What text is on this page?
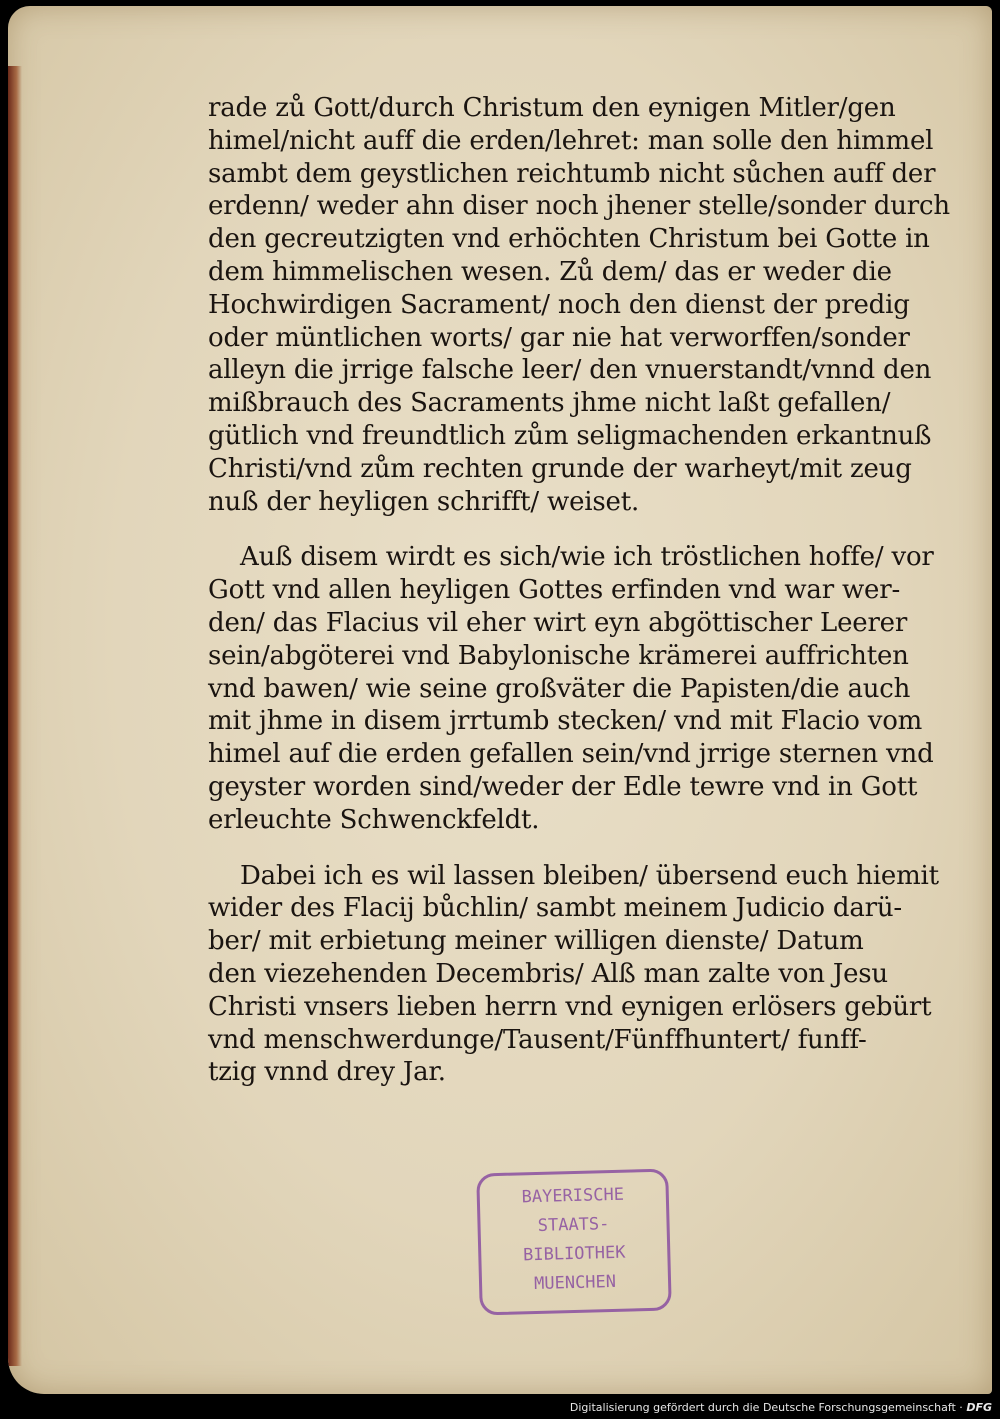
rade zů Gott/durch Christum den eynigen Mitler/gen
himel/nicht auff die erden/lehret: man solle den himmel
sambt dem geystlichen reichtumb nicht sůchen auff der
erdenn/ weder ahn diser noch jhener stelle/sonder durch
den gecreutzigten vnd erhöchten Christum bei Gotte in
dem himmelischen wesen. Zů dem/ das er weder die
Hochwirdigen Sacrament/ noch den dienst der predig
oder müntlichen worts/ gar nie hat verworffen/sonder
alleyn die jrrige falsche leer/ den vnuerstandt/vnnd den
mißbrauch des Sacraments jhme nicht laßt gefallen/
gütlich vnd freundtlich zům seligmachenden erkantnuß
Christi/vnd zům rechten grunde der warheyt/mit zeug
nuß der heyligen schrifft/ weiset.
Auß disem wirdt es sich/wie ich tröstlichen hoffe/ vor
Gott vnd allen heyligen Gottes erfinden vnd war wer-
den/ das Flacius vil eher wirt eyn abgöttischer Leerer
sein/abgöterei vnd Babylonische krämerei auffrichten
vnd bawen/ wie seine großväter die Papisten/die auch
mit jhme in disem jrrtumb stecken/ vnd mit Flacio vom
himel auf die erden gefallen sein/vnd jrrige sternen vnd
geyster worden sind/weder der Edle tewre vnd in Gott
erleuchte Schwenckfeldt.
Dabei ich es wil lassen bleiben/ übersend euch hiemit
wider des Flacij bůchlin/ sambt meinem Judicio darü-
ber/ mit erbietung meiner willigen dienste/ Datum
den viezehenden Decembris/ Alß man zalte von Jesu
Christi vnsers lieben herrn vnd eynigen erlösers gebürt
vnd menschwerdunge/Tausent/Fünffhuntert/ funff-
tzig vnnd drey Jar.
BAYERISCHE
STAATS-
BIBLIOTHEK
MUENCHEN
Digitalisierung gefördert durch die Deutsche Forschungsgemeinschaft · DFG
